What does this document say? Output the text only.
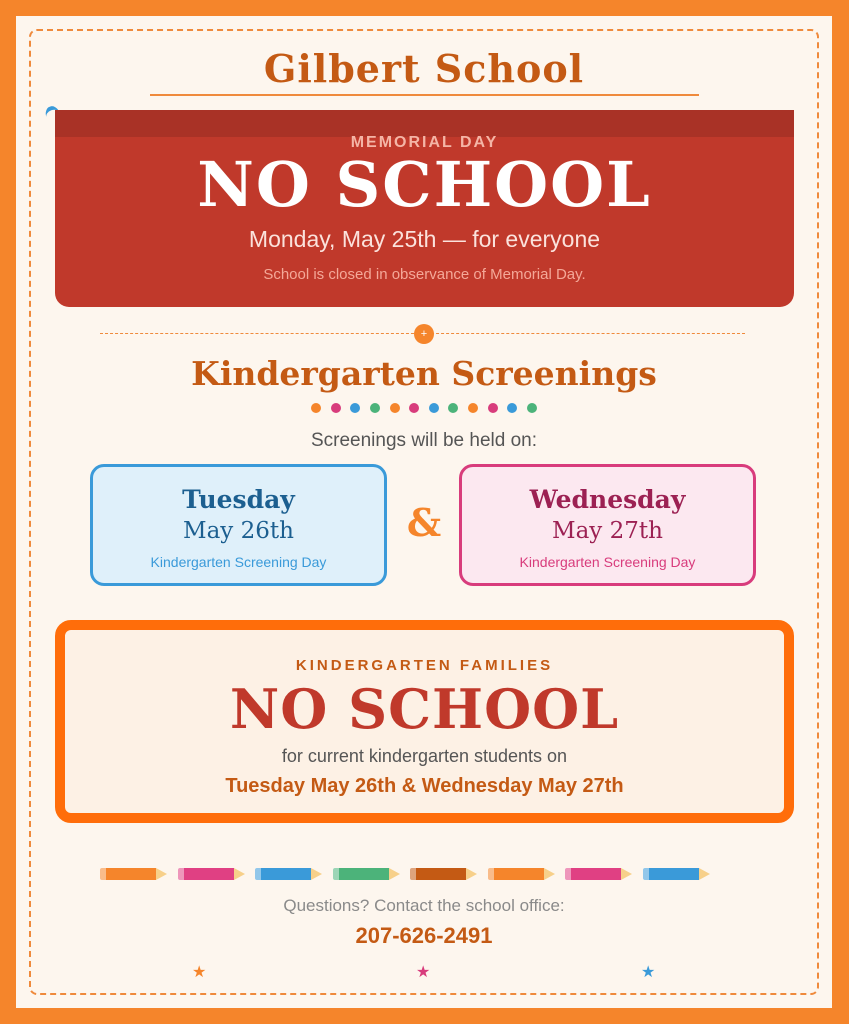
Gilbert School
MEMORIAL DAY
NO SCHOOL
Monday, May 25th — for everyone
School is closed in observance of Memorial Day.
+
Kindergarten Screenings
Screenings will be held on:
Tuesday
May 26th
Kindergarten Screening Day
&
Wednesday
May 27th
Kindergarten Screening Day
KINDERGARTEN FAMILIES
NO SCHOOL
for current kindergarten students on
Tuesday May 26th & Wednesday May 27th
Questions? Contact the school office:
207-626-2491
★	★	★
